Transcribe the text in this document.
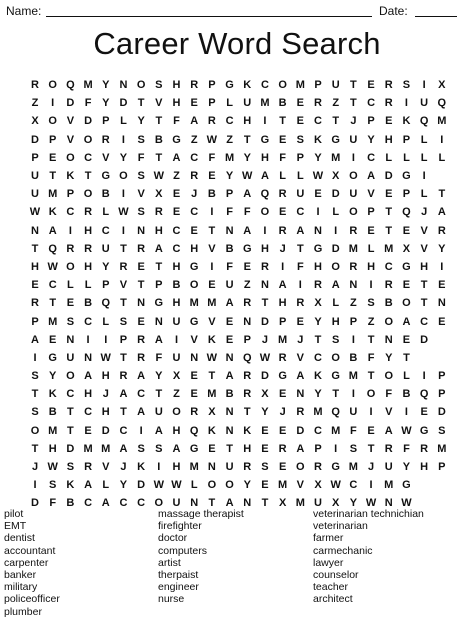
Name:	Date:
Career Word Search
R O Q M Y N O S H R P G K C O M P U T E R S	I	X
Z	I	D F Y D T V H E P L U M B E R Z T C R	I	U Q
X O V D P L Y T F A R C H	I	T E C T	J P E K Q M
D P V O R	I	S B G Z W Z T G E S K G U Y H P L	I
P E O C V Y F T A C F M Y H F P Y M	I	C L L L L
U T K T G O S W Z R E Y W A L L W X O A D G	I
U M P O B	I	V X E J B P A Q R U E D U V E P L T
W K C R L W S R E C	I	F F O E C	I	L O P T Q J A
N A	I	H C	I	N H C E T N A	I	R A N	I	R E T E V R
T Q R R U T R A C H V B G H J	T G D M L M X V Y
H W O H Y R E T H G	I	F E R	I	F H O R H C G H	I
E C L L P V T P B O E U Z N A	I	R A N	I	R E T E
R T E B Q T N G H M M A R T H R X L Z S B O T N
P M S C L S E N U G V E N D P E Y H P Z O A C E
A E N	I	I	P R A	I	V K E P J M J	T S	I	T N E D
I	G U N W T R F U N W N Q W R V C O B F Y T
S Y O A H R A Y X E T A R D G A K G M T O L	I	P
T K C H J A C T Z E M B R X E N Y T	I	O F B Q P
S B T C H T A U O R X N T Y J R M Q U	I	V	I	E D
O M T E D C	I	A H Q K N K E E D C M F E A W G S
T H D M M A S S A G E T H E R A P	I	S T R F R M
J W S R V J K	I	H M N U R S E O R G M J U Y H P
I	S K A L Y D W W L O O Y E M V X W C	I	M G
D F B C A C C O U N T A N T X M U X Y W N W
pilot
EMT
dentist
accountant
carpenter
banker
military
policeofficer
plumber
massage therapist
firefighter
doctor
computers
artist
therpaist
engineer
nurse
veterinarian technichian
veterinarian
farmer
carmechanic
lawyer
counselor
teacher
architect
